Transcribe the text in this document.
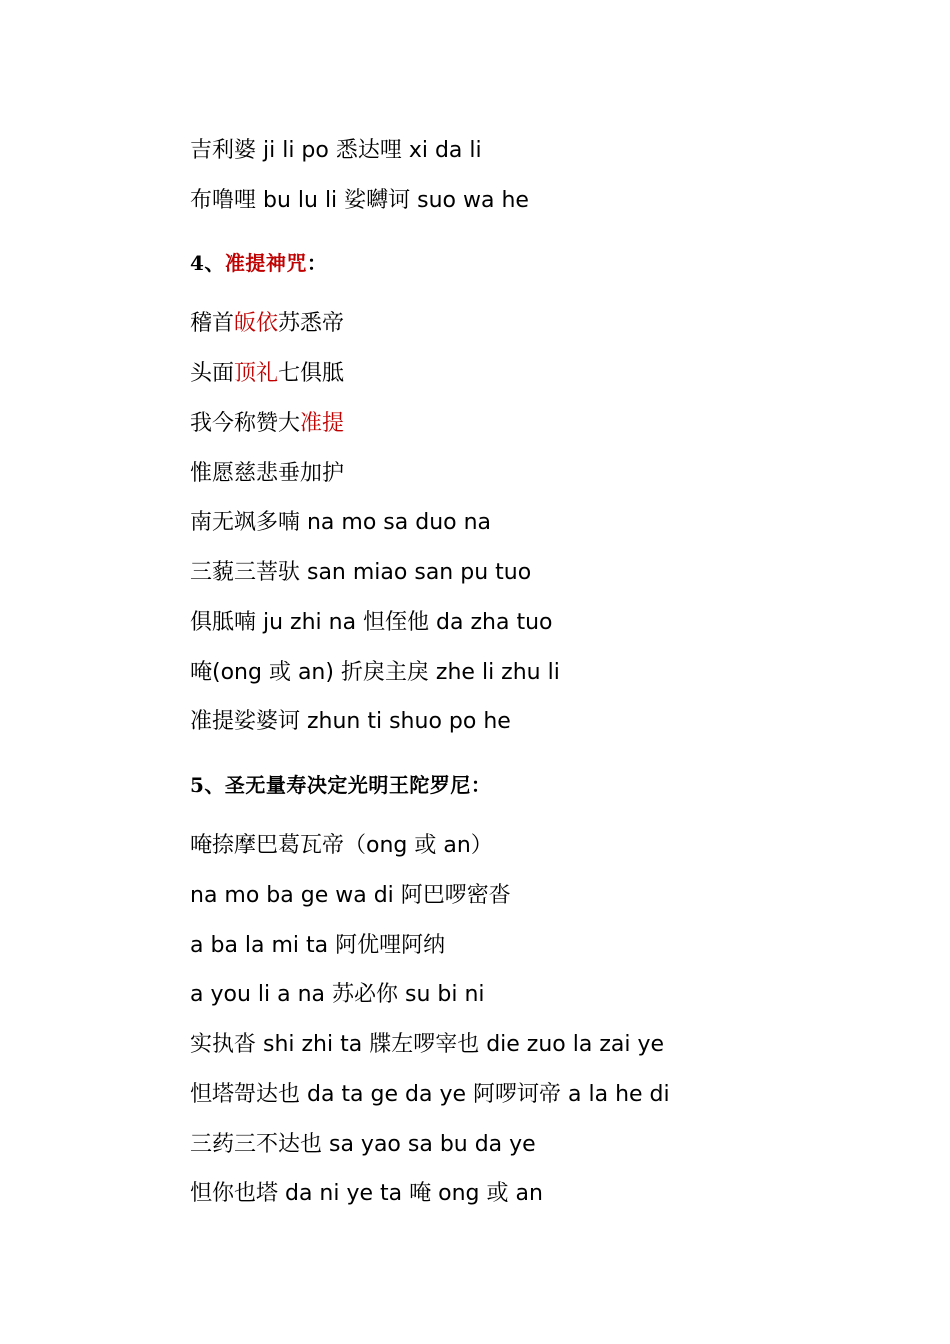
吉利婆 ji li po 悉达哩 xi da li
布噜哩 bu lu li 娑嚩诃 suo wa he
4、准提神咒：
稽首皈依苏悉帝
头面顶礼七俱胝
我今称赞大准提
惟愿慈悲垂加护
南无飒多喃 na mo sa duo na
三藐三菩驮 san miao san pu tuo
俱胝喃 ju zhi na 怛侄他 da zha tuo
唵(ong 或 an) 折戾主戾 zhe li zhu li
准提娑婆诃 zhun ti shuo po he
5、圣无量寿决定光明王陀罗尼：
唵捺摩巴葛瓦帝（ong 或 an）
na mo ba ge wa di 阿巴啰密沓
a ba la mi ta 阿优哩阿纳
a you li a na 苏必你 su bi ni
实执沓 shi zhi ta 牒左啰宰也 die zuo la zai ye
怛塔哿达也 da ta ge da ye 阿啰诃帝 a la he di
三药三不达也 sa yao sa bu da ye
怛你也塔 da ni ye ta 唵 ong 或 an
